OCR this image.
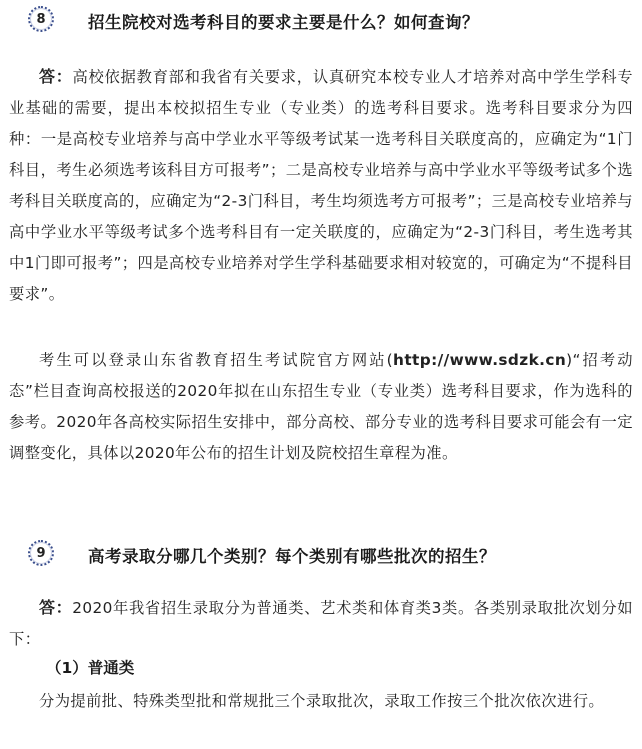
8	招生院校对选考科目的要求主要是什么？如何查询？
答：高校依据教育部和我省有关要求，认真研究本校专业人才培养对高中学生学科专业基础的需要，提出本校拟招生专业（专业类）的选考科目要求。选考科目要求分为四种：一是高校专业培养与高中学业水平等级考试某一选考科目关联度高的，应确定为“1门科目，考生必须选考该科目方可报考”；二是高校专业培养与高中学业水平等级考试多个选考科目关联度高的，应确定为“2-3门科目，考生均须选考方可报考”；三是高校专业培养与高中学业水平等级考试多个选考科目有一定关联度的，应确定为“2-3门科目，考生选考其中1门即可报考”；四是高校专业培养对学生学科基础要求相对较宽的，可确定为“不提科目要求”。
考生可以登录山东省教育招生考试院官方网站(http://www.sdzk.cn)“招考动态”栏目查询高校报送的2020年拟在山东招生专业（专业类）选考科目要求，作为选科的参考。2020年各高校实际招生安排中，部分高校、部分专业的选考科目要求可能会有一定调整变化，具体以2020年公布的招生计划及院校招生章程为准。
9	高考录取分哪几个类别？每个类别有哪些批次的招生？
答：2020年我省招生录取分为普通类、艺术类和体育类3类。各类别录取批次划分如下：
（1）普通类
分为提前批、特殊类型批和常规批三个录取批次，录取工作按三个批次依次进行。
